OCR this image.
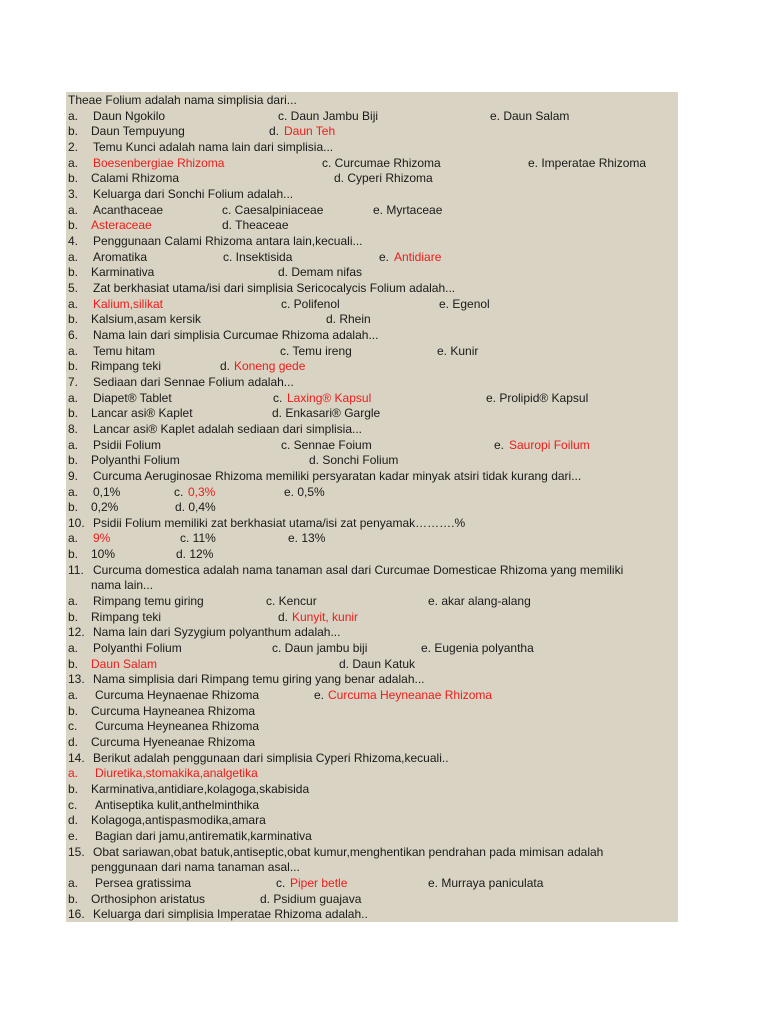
Theae Folium adalah nama simplisia dari...
a. Daun Ngokilo	c. Daun Jambu Biji	e. Daun Salam
b. Daun Tempuyung	d. Daun Teh
2. Temu Kunci adalah nama lain dari simplisia...
a. Boesenbergiae Rhizoma	c. Curcumae Rhizoma	e. Imperatae Rhizoma
b. Calami Rhizoma	d. Cyperi Rhizoma
3. Keluarga dari Sonchi Folium adalah...
a. Acanthaceae	c. Caesalpiniaceae	e. Myrtaceae
b. Asteraceae	d. Theaceae
4. Penggunaan Calami Rhizoma antara lain,kecuali...
a. Aromatika	c. Insektisida	e. Antidiare
b. Karminativa	d. Demam nifas
5. Zat berkhasiat utama/isi dari simplisia Sericocalycis Folium adalah...
a. Kalium,silikat	c. Polifenol	e. Egenol
b. Kalsium,asam kersik	d. Rhein
6. Nama lain dari simplisia Curcumae Rhizoma adalah...
a. Temu hitam	c. Temu ireng	e. Kunir
b. Rimpang teki	d. Koneng gede
7. Sediaan dari Sennae Folium adalah...
a. Diapet® Tablet	c. Laxing® Kapsul	e. Prolipid® Kapsul
b. Lancar asi® Kaplet	d. Enkasari® Gargle
8. Lancar asi® Kaplet adalah sediaan dari simplisia...
a. Psidii Folium	c. Sennae Foium	e. Sauropi Foilum
b. Polyanthi Folium	d. Sonchi Folium
9. Curcuma Aeruginosae Rhizoma memiliki persyaratan kadar minyak atsiri tidak kurang dari...
a. 0,1%	c. 0,3%	e. 0,5%
b. 0,2%	d. 0,4%
10. Psidii Folium memiliki zat berkhasiat utama/isi zat penyamak……….%
a. 9%	c. 11%	e. 13%
b. 10%	d. 12%
11. Curcuma domestica adalah nama tanaman asal dari Curcumae Domesticae Rhizoma yang memiliki
nama lain...
a. Rimpang temu giring	c. Kencur	e. akar alang-alang
b. Rimpang teki	d. Kunyit, kunir
12. Nama lain dari Syzygium polyanthum adalah...
a. Polyanthi Folium	c. Daun jambu biji	e. Eugenia polyantha
b. Daun Salam	d. Daun Katuk
13. Nama simplisia dari Rimpang temu giring yang benar adalah...
a. Curcuma Heynaenae Rhizoma	e. Curcuma Heyneanae Rhizoma
b. Curcuma Hayneanea Rhizoma
c. Curcuma Heyneanea Rhizoma
d. Curcuma Hyeneanae Rhizoma
14. Berikut adalah penggunaan dari simplisia Cyperi Rhizoma,kecuali..
a. Diuretika,stomakika,analgetika
b. Karminativa,antidiare,kolagoga,skabisida
c. Antiseptika kulit,anthelminthika
d. Kolagoga,antispasmodika,amara
e. Bagian dari jamu,antirematik,karminativa
15. Obat sariawan,obat batuk,antiseptic,obat kumur,menghentikan pendrahan pada mimisan adalah
penggunaan dari nama tanaman asal...
a. Persea gratissima	c. Piper betle	e. Murraya paniculata
b. Orthosiphon aristatus	d. Psidium guajava
16. Keluarga dari simplisia Imperatae Rhizoma adalah..
